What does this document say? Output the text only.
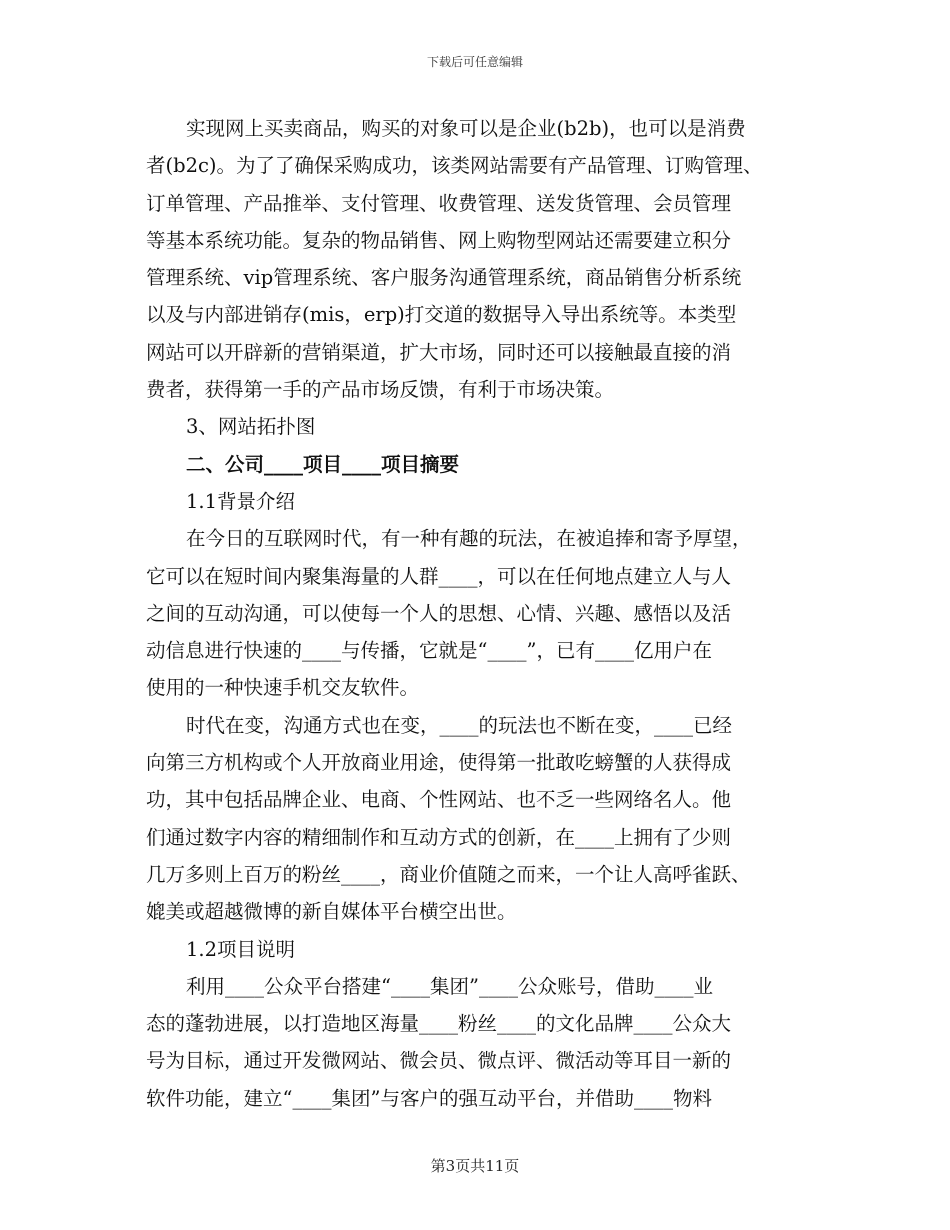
下载后可任意编辑
实现网上买卖商品，购买的对象可以是企业(b2b)，也可以是消费
者(b2c)。为了了确保采购成功，该类网站需要有产品管理、订购管理、
订单管理、产品推举、支付管理、收费管理、送发货管理、会员管理
等基本系统功能。复杂的物品销售、网上购物型网站还需要建立积分
管理系统、vip管理系统、客户服务沟通管理系统，商品销售分析系统
以及与内部进销存(mis，erp)打交道的数据导入导出系统等。本类型
网站可以开辟新的营销渠道，扩大市场，同时还可以接触最直接的消
费者，获得第一手的产品市场反馈，有利于市场决策。
3、网站拓扑图
二、公司____项目____项目摘要
1.1背景介绍
在今日的互联网时代，有一种有趣的玩法，在被追捧和寄予厚望，
它可以在短时间内聚集海量的人群____，可以在任何地点建立人与人
之间的互动沟通，可以使每一个人的思想、心情、兴趣、感悟以及活
动信息进行快速的____与传播，它就是“____”，已有____亿用户在
使用的一种快速手机交友软件。
时代在变，沟通方式也在变，____的玩法也不断在变，____已经
向第三方机构或个人开放商业用途，使得第一批敢吃螃蟹的人获得成
功，其中包括品牌企业、电商、个性网站、也不乏一些网络名人。他
们通过数字内容的精细制作和互动方式的创新，在____上拥有了少则
几万多则上百万的粉丝____，商业价值随之而来，一个让人高呼雀跃、
媲美或超越微博的新自媒体平台横空出世。
1.2项目说明
利用____公众平台搭建“____集团”____公众账号，借助____业
态的蓬勃进展，以打造地区海量____粉丝____的文化品牌____公众大
号为目标，通过开发微网站、微会员、微点评、微活动等耳目一新的
软件功能，建立“____集团”与客户的强互动平台，并借助____物料
第3页共11页
